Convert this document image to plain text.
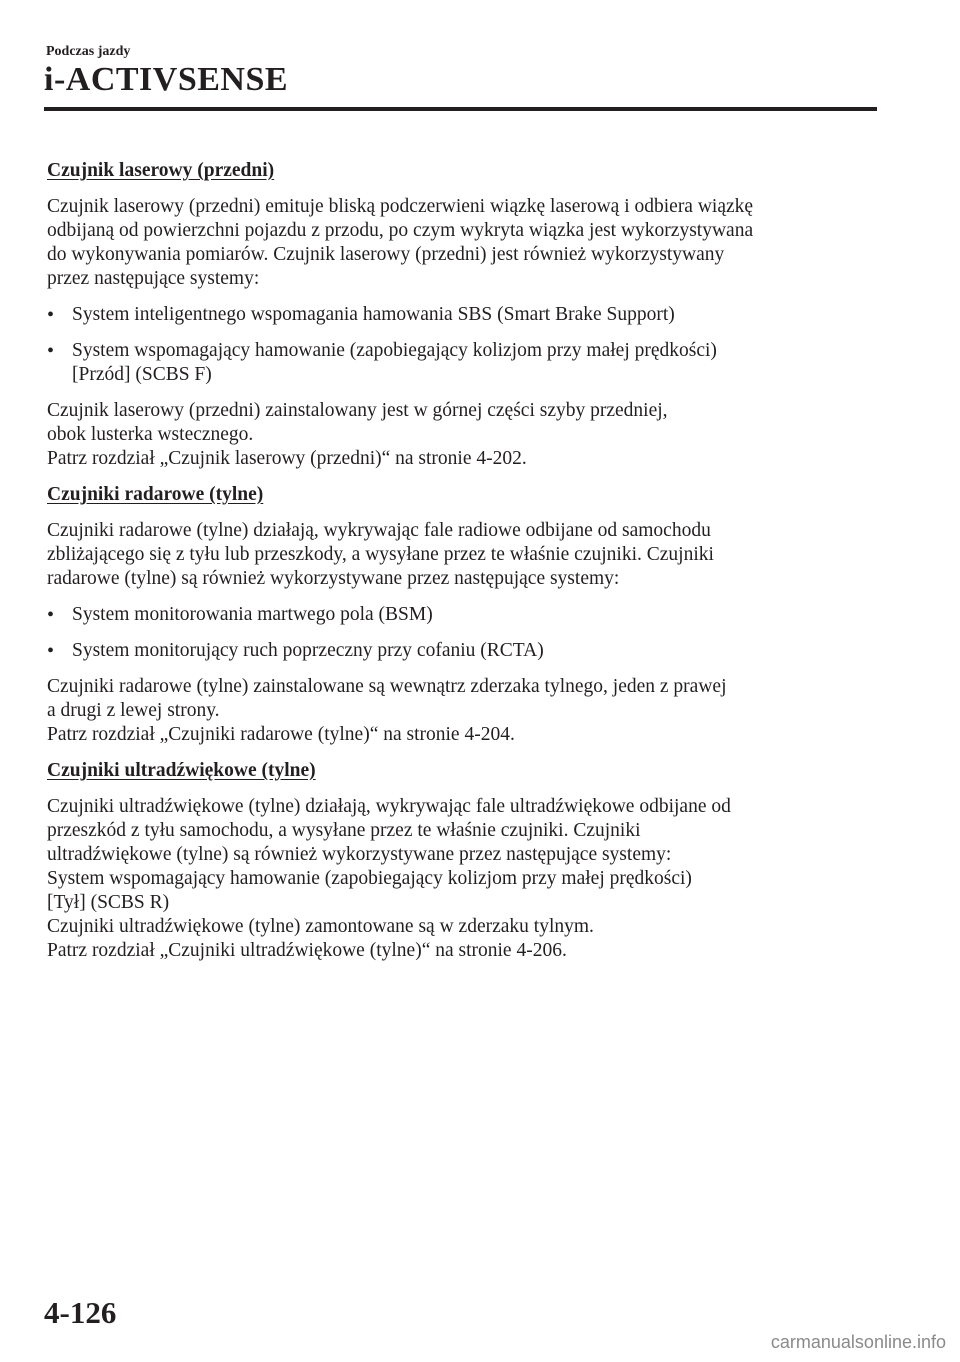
Podczas jazdy
i-ACTIVSENSE
Czujnik laserowy (przedni)
Czujnik laserowy (przedni) emituje bliską podczerwieni wiązkę laserową i odbiera wiązkę
odbijaną od powierzchni pojazdu z przodu, po czym wykryta wiązka jest wykorzystywana
do wykonywania pomiarów. Czujnik laserowy (przedni) jest również wykorzystywany
przez następujące systemy:
• System inteligentnego wspomagania hamowania SBS (Smart Brake Support)
• System wspomagający hamowanie (zapobiegający kolizjom przy małej prędkości)
[Przód] (SCBS F)
Czujnik laserowy (przedni) zainstalowany jest w górnej części szyby przedniej,
obok lusterka wstecznego.
Patrz rozdział „Czujnik laserowy (przedni)“ na stronie 4-202.
Czujniki radarowe (tylne)
Czujniki radarowe (tylne) działają, wykrywając fale radiowe odbijane od samochodu
zbliżającego się z tyłu lub przeszkody, a wysyłane przez te właśnie czujniki. Czujniki
radarowe (tylne) są również wykorzystywane przez następujące systemy:
• System monitorowania martwego pola (BSM)
• System monitorujący ruch poprzeczny przy cofaniu (RCTA)
Czujniki radarowe (tylne) zainstalowane są wewnątrz zderzaka tylnego, jeden z prawej
a drugi z lewej strony.
Patrz rozdział „Czujniki radarowe (tylne)“ na stronie 4-204.
Czujniki ultradźwiękowe (tylne)
Czujniki ultradźwiękowe (tylne) działają, wykrywając fale ultradźwiękowe odbijane od
przeszkód z tyłu samochodu, a wysyłane przez te właśnie czujniki. Czujniki
ultradźwiękowe (tylne) są również wykorzystywane przez następujące systemy:
System wspomagający hamowanie (zapobiegający kolizjom przy małej prędkości)
[Tył] (SCBS R)
Czujniki ultradźwiękowe (tylne) zamontowane są w zderzaku tylnym.
Patrz rozdział „Czujniki ultradźwiękowe (tylne)“ na stronie 4-206.
4-126
carmanualsonline.info
